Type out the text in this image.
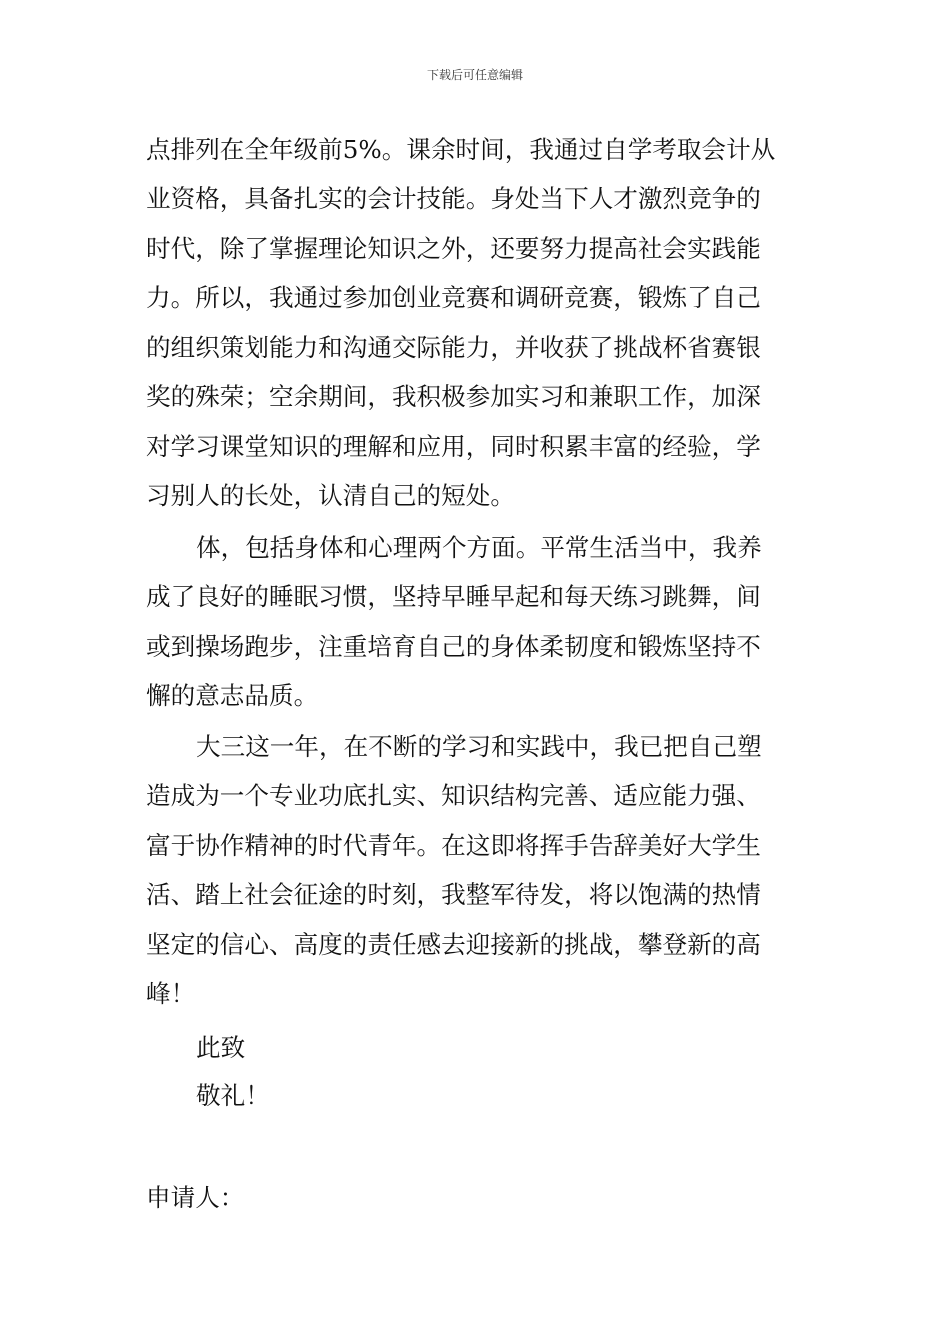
下载后可任意编辑
点排列在全年级前5%。课余时间，我通过自学考取会计从
业资格，具备扎实的会计技能。身处当下人才激烈竞争的
时代，除了掌握理论知识之外，还要努力提高社会实践能
力。所以，我通过参加创业竞赛和调研竞赛，锻炼了自己
的组织策划能力和沟通交际能力，并收获了挑战杯省赛银
奖的殊荣；空余期间，我积极参加实习和兼职工作，加深
对学习课堂知识的理解和应用，同时积累丰富的经验，学
习别人的长处，认清自己的短处。
体，包括身体和心理两个方面。平常生活当中，我养
成了良好的睡眠习惯，坚持早睡早起和每天练习跳舞，间
或到操场跑步，注重培育自己的身体柔韧度和锻炼坚持不
懈的意志品质。
大三这一年，在不断的学习和实践中，我已把自己塑
造成为一个专业功底扎实、知识结构完善、适应能力强、
富于协作精神的时代青年。在这即将挥手告辞美好大学生
活、踏上社会征途的时刻，我整军待发，将以饱满的热情
坚定的信心、高度的责任感去迎接新的挑战，攀登新的高
峰！
此致
敬礼！
申请人：
